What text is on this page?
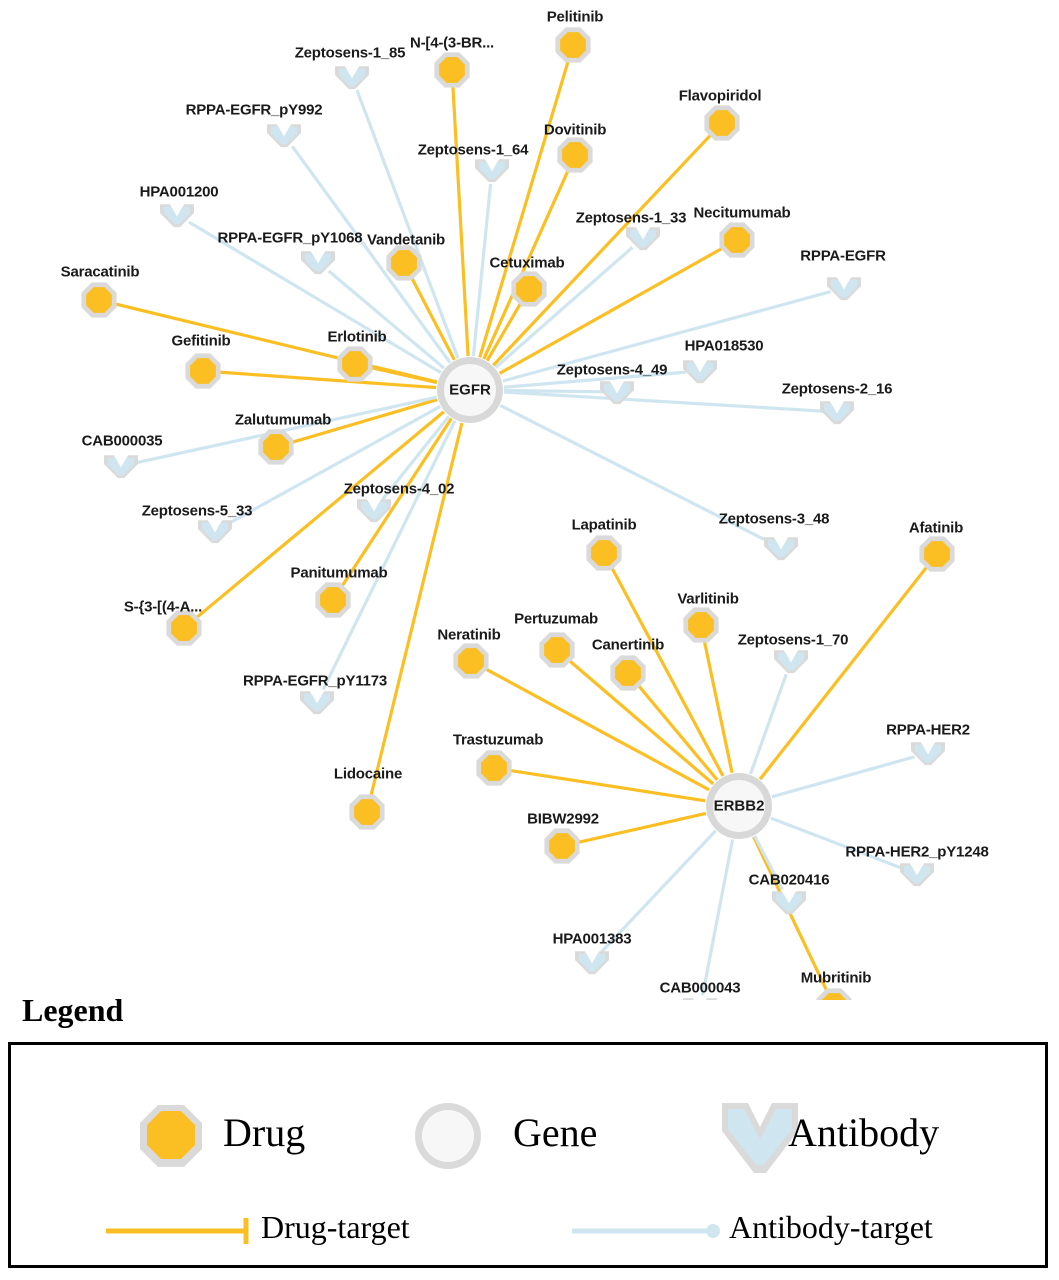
Zeptosens-1_85
RPPA-EGFR_pY992
Zeptosens-1_64
HPA001200
Zeptosens-1_33
RPPA-EGFR_pY1068
RPPA-EGFR
HPA018530
Zeptosens-4_49
Zeptosens-2_16
CAB000035
Zeptosens-4_02
Zeptosens-5_33	Zeptosens-3_48
Zeptosens-1_70
RPPA-EGFR_pY1173
RPPA-HER2
RPPA-HER2_pY1248
CAB020416
HPA001383
CAB000043
Pelitinib
N-[4-(3-BR...
Flavopiridol
Dovitinib
Necitumumab
Vandetanib
Cetuximab
Saracatinib
Erlotinib
Gefitinib
Zalutumumab
Afatinib
Lapatinib
Varlitinib
Panitumumab
S-{3-[(4-A...
Pertuzumab
Neratinib
Canertinib
Trastuzumab
Lidocaine
BIBW2992
Mubritinib
EGFR
ERBB2
Legend
Drug	Gene	Antibody
Drug-target	Antibody-target
